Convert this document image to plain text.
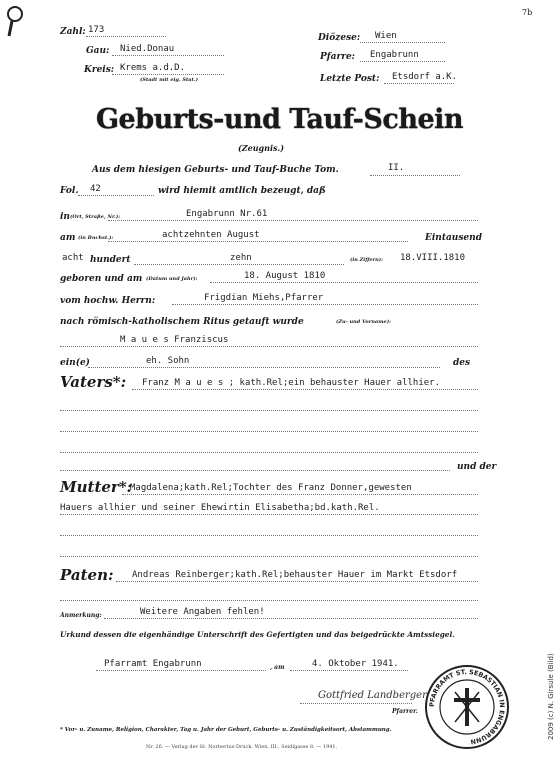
7b
Zahl: 173
Gau: Nied.Donau
Kreis: Krems a.d.D.
(Stadt mit eig. Stat.)
Diözese: Wien
Pfarre: Engabrunn
Letzte Post: Etsdorf a.K.
Geburts-und Tauf-Schein
(Zeugnis.)
Aus dem hiesigen Geburts- und Tauf-Buche Tom.	II.
Fol. 42	wird hiemit amtlich bezeugt, daß
in (Ort, Straße, Nr.):	Engabrunn Nr.61
am (in Buchst.):	achtzehnten August	Eintausend
acht hundert	zehn	(in Ziffern): 18.VIII.1810
geboren und am (Datum und Jahr):	18. August 1810
vom hochw. Herrn:	Frigdian Miehs,Pfarrer
nach römisch-katholischem Ritus getauft wurde	(Zu- und Vorname):
M a u e s Franziscus
ein(e)	eh. Sohn	des
Vaters*: Franz M a u e s ; kath.Rel;ein behauster Hauer allhier.
und der
Mutter*:
Magdalena;kath.Rel;Tochter des Franz Donner,gewesten
Hauers allhier und seiner Ehewirtin Elisabetha;bd.kath.Rel.
Paten: Andreas Reinberger;kath.Rel;behauster Hauer im Markt Etsdorf
Anmerkung:	Weitere Angaben fehlen!
Urkund dessen die eigenhändige Unterschrift des Gefertigten und das beigedrückte Amtssiegel.
Pfarramt Engabrunn	, am	4. Oktober 1941.
Gottfried Landberger
Pfarrer.
PFARRAMT ST. SEBASTIAN IN ENGABRUNN
* Vor- u. Zuname, Religion, Charakter, Tag u. Jahr der Geburt, Geburts- u. Zuständigkeitsort, Abstammung.
Nr. 26. — Verlag der St. Norbertus-Druck. Wien, III., Seidlgasse 8. — 1941.
2009 (c) N. Girsule (Bild)
